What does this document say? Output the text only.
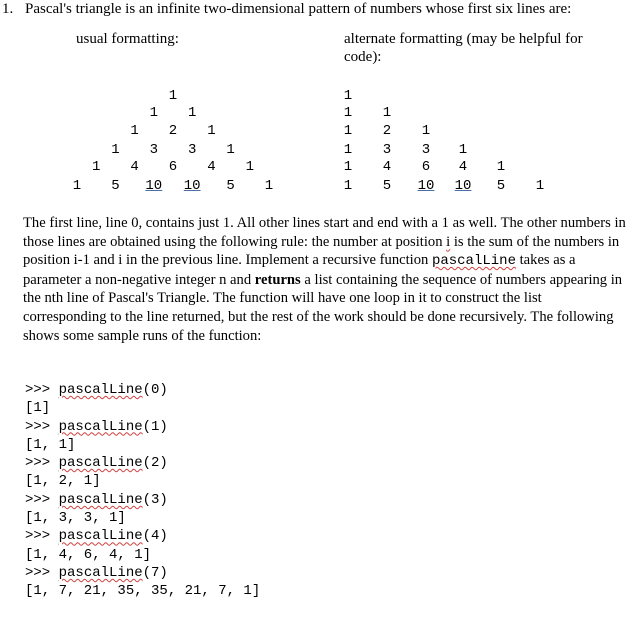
1. Pascal's triangle is an infinite two-dimensional pattern of numbers whose first six lines are:
usual formatting:	alternate formatting (may be helpful for
code):
1
1 1
1 2 1
1 3 3 1
1 4 6 4 1
1 5 10 10 5 1
1
1 1
1 2 1
1 3 3 1
1 4 6 4 1
1 5 10 10 5 1

The first line, line 0, contains just 1. All other lines start and end with a 1 as well. The other numbers in those lines are obtained using the following rule: the number at position i is the sum of the numbers in position i-1 and i in the previous line. Implement a recursive function pascalLine takes as a parameter a non-negative integer n and returns a list containing the sequence of numbers appearing in the nth line of Pascal's Triangle. The function will have one loop in it to construct the list corresponding to the line returned, but the rest of the work should be done recursively. The following shows some sample runs of the function:

>>> pascalLine(0)
[1]
>>> pascalLine(1)
[1, 1]
>>> pascalLine(2)
[1, 2, 1]
>>> pascalLine(3)
[1, 3, 3, 1]
>>> pascalLine(4)
[1, 4, 6, 4, 1]
>>> pascalLine(7)
[1, 7, 21, 35, 35, 21, 7, 1]
